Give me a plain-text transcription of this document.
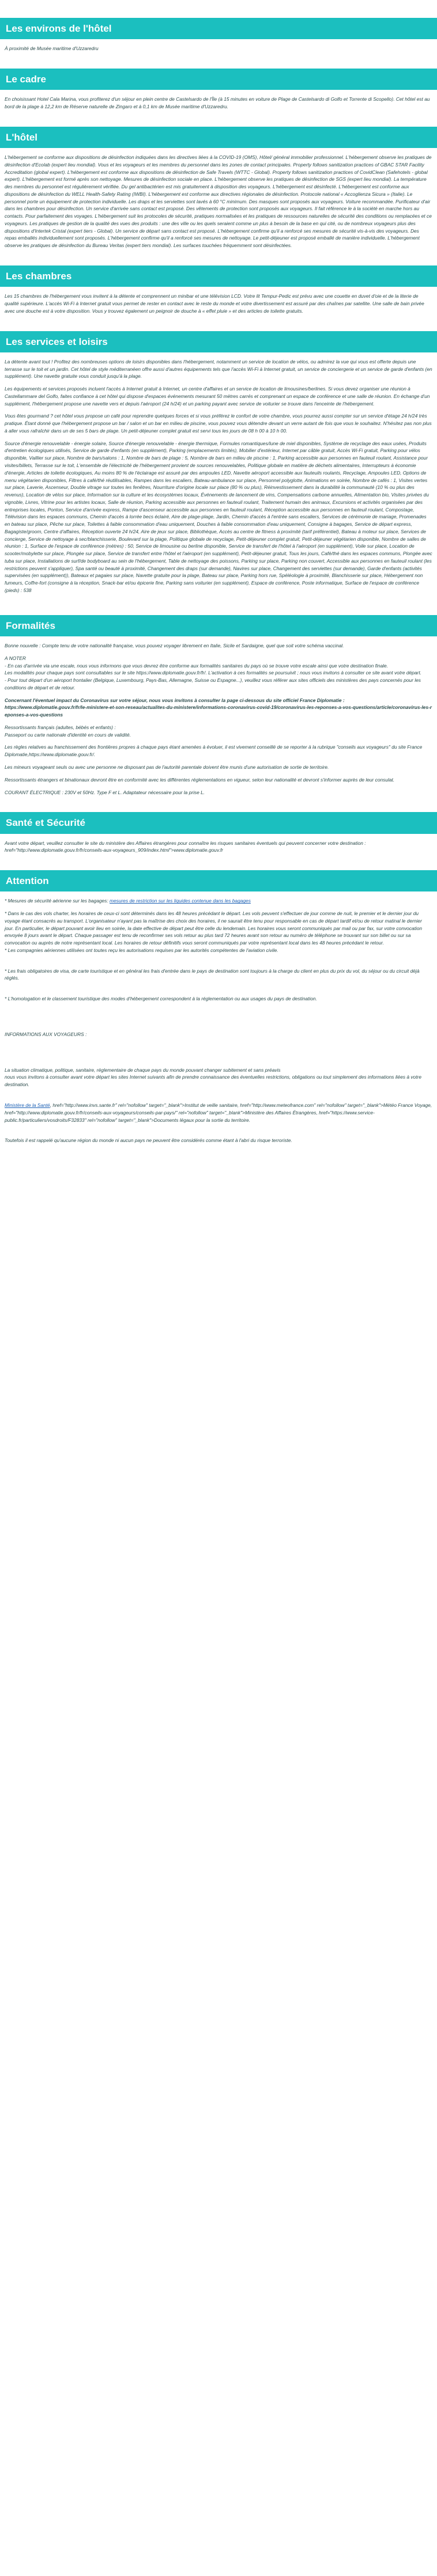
Les environs de l'hôtel

À proximité de Musée maritime d'Uzzaredru

Le cadre

En choisissant Hotel Cala Marina, vous profiterez d'un séjour en plein centre de Castelsardo de l'Île (à 15 minutes en voiture de Plage de Castelsardo di Golfo et Torrente di Scopello). Cet hôtel est au bord de la plage à 12,2 km de Réserve naturelle de Zingaro et à 0,1 km de Musée maritime d'Uzzaredru.

L'hôtel

L'hébergement se conforme aux dispositions de désinfection indiquées dans les directives liées à la COVID-19 (OMS), Hôtel/ général immobilier professionnel. L'hébergement observe les pratiques de désinfection d'Ecolab (expert lieu mondial). Vous et les voyageurs et les membres du personnel dans les zones de contact principales. Property follows sanitization practices of GBAC STAR Facility Accreditation (global expert). L'hébergement est conforme aux dispositions de désinfection de Safe Travels (WTTC - Global). Property follows sanitization practices of CovidClean (Safehotels - global expert). L'hébergement est formé après son nettoyage. Mesures de désinfection sociale en place. L'hébergement observe les pratiques de désinfection de SGS (expert lieu mondial). La température des membres du personnel est régulièrement vérifiée. Du gel antibactérien est mis gratuitement à disposition des voyageurs. L'hébergement est désinfecté. L'hébergement est conforme aux dispositions de désinfection du WELL Health-Safety Rating (IWBI). L'hébergement est conforme aux directives régionales de désinfection. Protocole national « Accoglienza Sicura » (Italie). Le personnel porte un équipement de protection individuelle. Les draps et les serviettes sont lavés à 60 °C minimum. Des masques sont proposés aux voyageurs. Voiture recommandée. Purificateur d'air dans les chambres pour désinfection. Un service d'arrivée sans contact est proposé. Des vêtements de protection sont proposés aux voyageurs. Il fait référence le à la société en marche hors au contacts. Pour parfaitement des voyages. L'hébergement suit les protocoles de sécurité, pratiques normalisées et les pratiques de ressources naturelles de sécurité des conditions ou remplacées et ce voyageurs. Les pratiques de gestion de la qualité des vues des produits : une des ville ou les quels seraient comme un plus à besoin de la base en qui cité, ou de nombreux voyageurs plus des dispositions d'Intertek Cristal (expert tiers - Global). Un service de départ sans contact est proposé. L'hébergement confirme qu'il a renforcé ses mesures de sécurité vis-à-vis des voyageurs. Des repas emballés individuellement sont proposés. L'hébergement confirme qu'il a renforcé ses mesures de nettoyage. Le petit-déjeuner est proposé emballé de manière individuelle. L'hébergement observe les pratiques de désinfection du Bureau Veritas (expert tiers mondial). Les surfaces touchées fréquemment sont désinfectées.

Les chambres

Les 15 chambres de l'hébergement vous invitent à la détente et comprennent un minibar et une télévision LCD. Votre lit Tempur-Pedic est prévu avec une couette en duvet d'oie et de la literie de qualité supérieure. L'accès Wi-Fi à Internet gratuit vous permet de rester en contact avec le reste du monde et votre divertissement est assuré par des chaînes par satellite. Une salle de bain privée avec une douche est à votre disposition. Vous y trouvez également un peignoir de douche à « effet pluie » et des articles de toilette gratuits.

Les services et loisirs

La détente avant tout ! Profitez des nombreuses options de loisirs disponibles dans l'hébergement, notamment un service de location de vélos, ou admirez la vue qui vous est offerte depuis une terrasse sur le toit et un jardin. Cet hôtel de style méditerranéen offre aussi d'autres équipements tels que l'accès Wi-Fi à Internet gratuit, un service de conciergerie et un service de garde d'enfants (en supplément). Une navette gratuite vous conduit jusqu'à la plage.

Les équipements et services proposés incluent l'accès à Internet gratuit à Internet, un centre d'affaires et un service de location de limousines/berlines. Si vous devez organiser une réunion à Castellammare del Golfo, faites confiance à cet hôtel qui dispose d'espaces événements mesurant 50 mètres carrés et comprenant un espace de conférence et une salle de réunion. En échange d'un supplément, l'hébergement propose une navette vers et depuis l'aéroport (24 h/24) et un parking payant avec service de voiturier se trouve dans l'enceinte de l'hébergement.

Vous êtes gourmand ? cet hôtel vous propose un café pour reprendre quelques forces et si vous préférez le confort de votre chambre, vous pourrez aussi compter sur un service d'étage 24 h/24 très pratique. Étant donné que l'hébergement propose un bar / salon et un bar en milieu de piscine, vous pouvez vous détendre devant un verre autant de fois que vous le souhaitez. N'hésitez pas non plus à aller vous rafraîchir dans un de ses 5 bars de plage. Un petit-déjeuner complet gratuit est servi tous les jours de 08 h 00 à 10 h 00.

Source d'énergie renouvelable - énergie solaire, Source d'énergie renouvelable - énergie thermique, Formules romantiques/lune de miel disponibles, Système de recyclage des eaux usées, Produits d'entretien écologiques utilisés, Service de garde d'enfants (en supplément), Parking (emplacements limités), Mobilier d'extérieur, Internet par câble gratuit, Accès Wi-Fi gratuit, Parking pour vélos disponible, Vaillier sur place, Nombre de bars/salons : 1, Nombre de bars de plage : 5, Nombre de bars en milieu de piscine : 1, Parking accessible aux personnes en fauteuil roulant, Assistance pour visites/billets, Terrasse sur le toit, L'ensemble de l'électricité de l'hébergement provient de sources renouvelables, Politique globale en matière de déchets alimentaires, Interrupteurs à économie d'énergie, Articles de toilette écologiques, Au moins 80 % de l'éclairage est assuré par des ampoules LED, Navette aéroport accessible aux fauteuils roulants, Recyclage, Ampoules LED, Options de menu végétarien disponibles, Filtres à café/thé réutilisables, Rampes dans les escaliers, Bateau-ambulance sur place, Personnel polyglotte, Animations en soirée, Nombre de cafés : 1, Visites vertes sur place, Laverie, Ascenseur, Double vitrage sur toutes les fenêtres, Nourriture d'origine locale sur place (80 % ou plus), Réinvestissement dans la durabilité la communauté (10 % ou plus des revenus), Location de vélos sur place, Information sur la culture et les écosystèmes locaux, Événements de lancement de vins, Compensations carbone annuelles, Alimentation bio, Visites privées du vignoble, Livres, Vitrine pour les artistes locaux, Salle de réunion, Parking accessible aux personnes en fauteuil roulant, Traitement humain des animaux, Excursions et activités organisées par des entreprises locales, Ponton, Service d'arrivée express, Rampe d'ascenseur accessible aux personnes en fauteuil roulant, Réception accessible aux personnes en fauteuil roulant, Compostage, Télévision dans les espaces communs, Chemin d'accès à lorrée becs éclairé, Aire de plage-plage, Jardin, Chemin d'accès à l'entrée sans escaliers, Services de cérémonie de mariage, Promenades en bateau sur place, Pêche sur place, Toilettes à faible consommation d'eau uniquement, Douches à faible consommation d'eau uniquement, Consigne à bagages, Service de départ express, Bagagiste/groom, Centre d'affaires, Réception ouverte 24 h/24, Aire de jeux sur place, Bibliothèque, Accès au centre de fitness à proximité (tarif préférentiel), Bateau à moteur sur place, Services de concierge, Service de nettoyage à sec/blanchisserie, Boulevard sur la plage, Politique globale de recyclage, Petit-déjeuner complet gratuit, Petit-déjeuner végétarien disponible, Nombre de salles de réunion : 1, Surface de l'espace de conférence (mètres) : 50, Service de limousine ou berline disponible, Service de transfert de l'hôtel à l'aéroport (en supplément), Voile sur place, Location de scooter/mobylette sur place, Plongée sur place, Service de transfert entre l'hôtel et l'aéroport (en supplément), Petit-déjeuner gratuit, Tous les jours, Café/thé dans les espaces communs, Plongée avec tuba sur place, Installations de surf/de bodyboard au sein de l'hébergement, Table de nettoyage des poissons, Parking sur place, Parking non couvert, Accessible aux personnes en fauteuil roulant (les restrictions peuvent s'appliquer), Spa santé ou beauté à proximité, Changement des draps (sur demande), Navires sur place, Changement des serviettes (sur demande), Garde d'enfants (activités supervisées (en supplément)), Bateaux et pagaies sur place, Navette gratuite pour la plage, Bateau sur place, Parking hors rue, Spéléologie à proximité, Blanchisserie sur place, Hébergement non fumeurs, Coffre-fort (consigne à la réception, Snack-bar et/ou épicerie fine, Parking sans voiturier (en supplément), Espace de conférence, Poste informatique, Surface de l'espace de conférence (pieds) : 538

Formalités

Bonne nouvelle : Compte tenu de votre nationalité française, vous pouvez voyager librement en Italie, Sicile et Sardaigne, quel que soit votre schéma vaccinal.

A NOTER
- En cas d'arrivée via une escale, nous vous informons que vous devrez être conforme aux formalités sanitaires du pays où se trouve votre escale ainsi que votre destination finale.
Les modalités pour chaque pays sont consultables sur le site https://www.diplomatie.gouv.fr/fr/. L'activation à ces formalités se poursuivit ; nous vous invitons à consulter ce site avant votre départ.
- Pour tout départ d'un aéroport frontalier (Belgique, Luxembourg, Pays-Bas, Allemagne, Suisse ou Espagne...), veuillez vous référer aux sites officiels des ministères des pays concernés pour les conditions de départ et de retour.

Concernant l'éventuel impact du Coronavirus sur votre séjour, nous vous invitons à consulter la page ci-dessous du site officiel France Diplomatie :
https://www.diplomatie.gouv.fr/fr/le-ministere-et-son-reseau/actualites-du-ministere/informations-coronavirus-covid-19/coronavirus-les-reponses-a-vos-questions/article/coronavirus-les-reponses-a-vos-questions

Ressortissants français (adultes, bébés et enfants) :
Passeport ou carte nationale d'identité en cours de validité.

Les règles relatives au franchissement des frontières propres à chaque pays étant amenées à évoluer, il est vivement conseillé de se reporter à la rubrique "conseils aux voyageurs" du site France Diplomatie,https://www.diplomatie.gouv.fr/.

Les mineurs voyageant seuls ou avec une personne ne disposant pas de l'autorité parentale doivent être munis d'une autorisation de sortie de territoire.

Ressortissants étrangers et binationaux devront être en conformité avec les différentes réglementations en vigueur, selon leur nationalité et devront s'informer auprès de leur consulat.

COURANT ÉLECTRIQUE : 230V et 50Hz. Type F et L. Adaptateur nécessaire pour la prise L.

Santé et Sécurité

Avant votre départ, veuillez consulter le site du ministère des Affaires étrangères pour connaître les risques sanitaires éventuels qui peuvent concerner votre destination : href="http://www.diplomatie.gouv.fr/fr/conseils-aux-voyageurs_909/index.html">www.diplomatie.gouv.fr

Attention

* Mesures de sécurité aérienne sur les bagages: mesures de restriction sur les liquides contenue dans les bagages

* Dans le cas des vols charter, les horaires de ceux-ci sont déterminés dans les 48 heures précédant le départ. Les vols peuvent s'effectuer de jour comme de nuit, le premier et le dernier jour du voyage étant consacrés au transport. L'organisateur n'ayant pas la maîtrise des choix des horaires, il ne saurait être tenu pour responsable en cas de départ tardif et/ou de retour matinal le dernier jour. En particulier, le départ pouvant avoir lieu en soirée, la date effective de départ peut être celle du lendemain. Les horaires vous seront communiqués par mail ou par fax, sur votre convocation envoyée 8 jours avant le départ. Chaque passager est tenu de reconfirmer ses vols retour au plus tard 72 heures avant son retour au numéro de téléphone se trouvant sur son billet ou sur sa convocation ou auprès de notre représentant local. Les horaires de retour définitifs vous seront communiqués par votre représentant local dans les 48 heures précédant le retour.
* Les compagnies aériennes utilisées ont toutes reçu les autorisations requises par les autorités compétentes de l'aviation civile.

* Les frais obligatoires de visa, de carte touristique et en général les frais d'entrée dans le pays de destination sont toujours à la charge du client en plus du prix du vol, du séjour ou du circuit déjà réglés.

* L'homologation et le classement touristique des modes d'hébergement correspondent à la réglementation ou aux usages du pays de destination.

INFORMATIONS AUX VOYAGEURS :

La situation climatique, politique, sanitaire, réglementaire de chaque pays du monde pouvant changer subitement et sans préavis
nous vous invitons à consulter avant votre départ les sites Internet suivants afin de prendre connaissance des éventuelles restrictions, obligations ou tout simplement des informations liées à votre destination.

Ministère de la Santé, href="http://www.invs.sante.fr" rel="nofollow" target="_blank">Institut de veille sanitaire, href="http://www.meteofrance.com" rel="nofollow" target="_blank">Météo France Voyage, href="http://www.diplomatie.gouv.fr/fr/conseils-aux-voyageurs/conseils-par-pays/" rel="nofollow" target="_blank">Ministère des Affaires Étrangères, href="https://www.service-public.fr/particuliers/vosdroits/F32833" rel="nofollow" target="_blank">Documents légaux pour la sortie du territoire.

Toutefois il est rappelé qu'aucune région du monde ni aucun pays ne peuvent être considérés comme étant à l'abri du risque terroriste.
